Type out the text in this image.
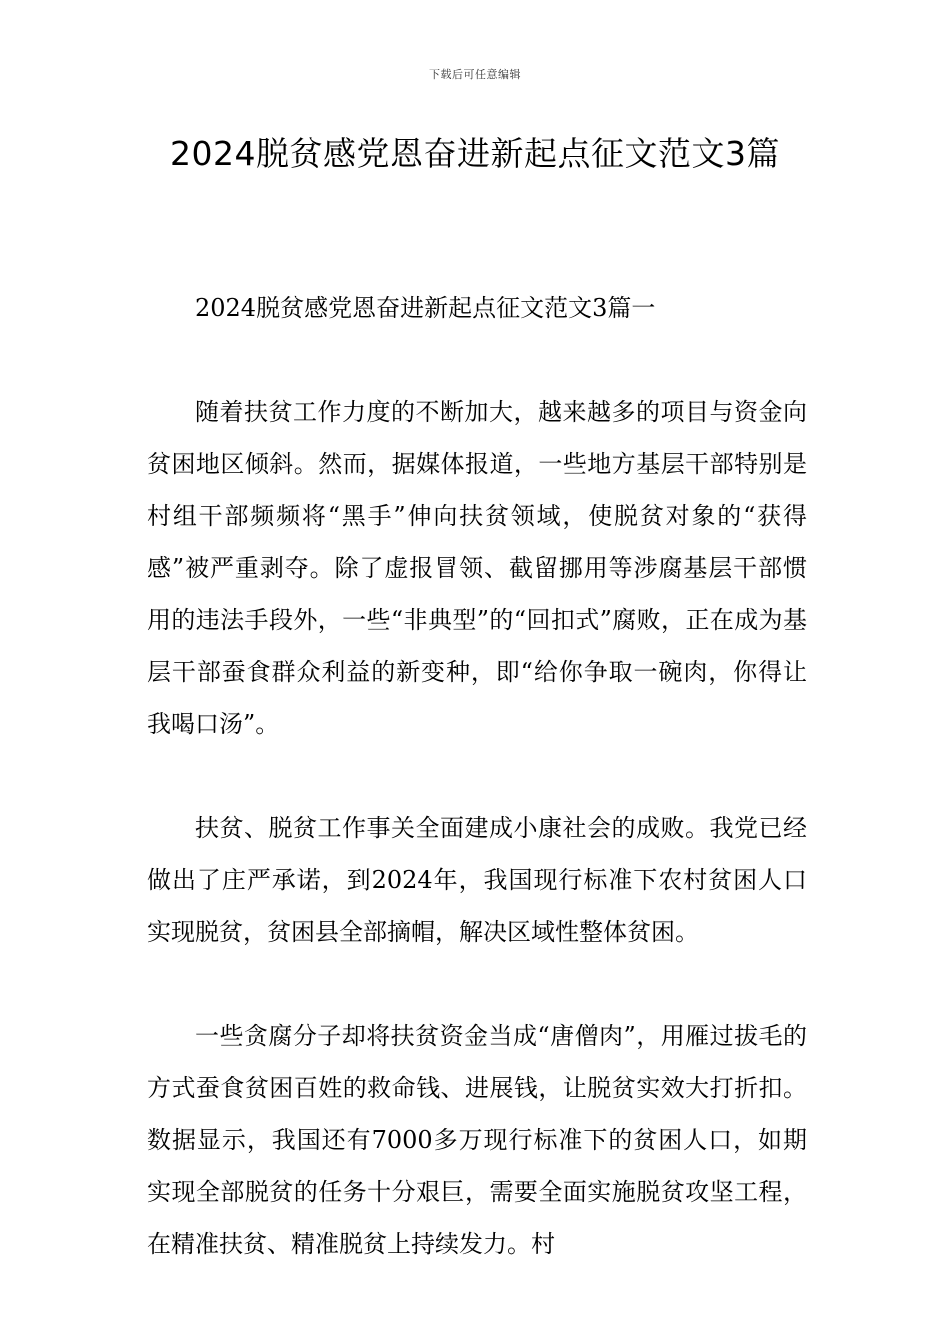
下载后可任意编辑
2024脱贫感党恩奋进新起点征文范文3篇

2024脱贫感党恩奋进新起点征文范文3篇一

随着扶贫工作力度的不断加大，越来越多的项目与资金向贫困地区倾斜。然而，据媒体报道，一些地方基层干部特别是村组干部频频将“黑手”伸向扶贫领域，使脱贫对象的“获得感”被严重剥夺。除了虚报冒领、截留挪用等涉腐基层干部惯用的违法手段外，一些“非典型”的“回扣式”腐败，正在成为基层干部蚕食群众利益的新变种，即“给你争取一碗肉，你得让我喝口汤”。

扶贫、脱贫工作事关全面建成小康社会的成败。我党已经做出了庄严承诺，到2024年，我国现行标准下农村贫困人口实现脱贫，贫困县全部摘帽，解决区域性整体贫困。

一些贪腐分子却将扶贫资金当成“唐僧肉”，用雁过拔毛的方式蚕食贫困百姓的救命钱、进展钱，让脱贫实效大打折扣。数据显示，我国还有7000多万现行标准下的贫困人口，如期实现全部脱贫的任务十分艰巨，需要全面实施脱贫攻坚工程，在精准扶贫、精准脱贫上持续发力。村
